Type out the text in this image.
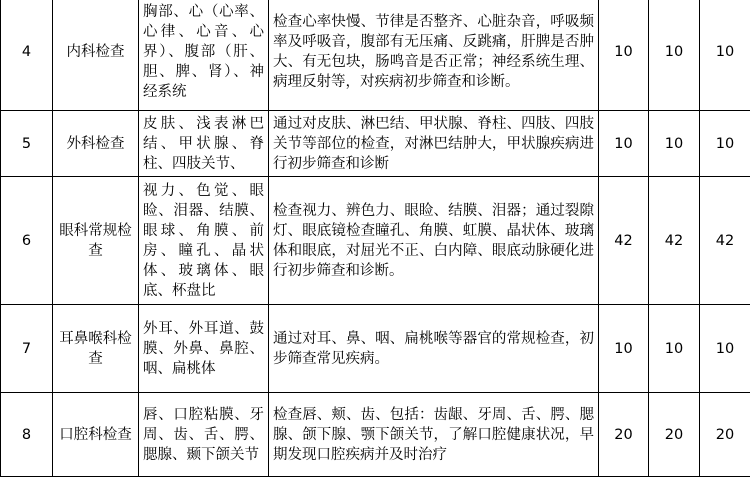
4	内科检查	胸部、心（心率、心律、心音、心界）、腹部（肝、胆、脾、肾）、神经系统	检查心率快慢、节律是否整齐、心脏杂音，呼吸频率及呼吸音，腹部有无压痛、反跳痛，肝脾是否肿大、有无包块，肠鸣音是否正常；神经系统生理、病理反射等，对疾病初步筛查和诊断。	10	10	10
5	外科检查	皮肤、浅表淋巴结、甲状腺、脊柱、四肢关节、	通过对皮肤、淋巴结、甲状腺、脊柱、四肢、四肢关节等部位的检查，对淋巴结肿大，甲状腺疾病进行初步筛查和诊断	10	10	10
6	眼科常规检查	视力、色觉、眼睑、泪器、结膜、眼球、角膜、前房、瞳孔、晶状体、玻璃体、眼底、杯盘比	检查视力、辨色力、眼睑、结膜、泪器；通过裂隙灯、眼底镜检查瞳孔、角膜、虹膜、晶状体、玻璃体和眼底，对屈光不正、白内障、眼底动脉硬化进行初步筛查和诊断。	42	42	42
7	耳鼻喉科检查	外耳、外耳道、鼓膜、外鼻、鼻腔、咽、扁桃体	通过对耳、鼻、咽、扁桃喉等器官的常规检查，初步筛查常见疾病。	10	10	10
8	口腔科检查	唇、口腔粘膜、牙周、齿、舌、腭、腮腺、颞下颌关节	检查唇、颊、齿、包括：齿龈、牙周、舌、腭、腮腺、颌下腺、颚下颌关节，了解口腔健康状况，早期发现口腔疾病并及时治疗	20	20	20
